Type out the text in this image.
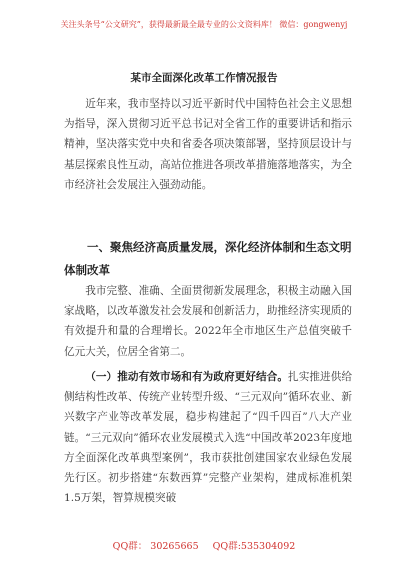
关注头条号“公文研究”，获得最新最全最专业的公文资料库！ 微信：gongwenyj
某市全面深化改革工作情况报告

近年来，我市坚持以习近平新时代中国特色社会主义思想为指导，深入贯彻习近平总书记对全省工作的重要讲话和指示精神，坚决落实党中央和省委各项决策部署，坚持顶层设计与基层探索良性互动，高站位推进各项改革措施落地落实，为全市经济社会发展注入强劲动能。

一、聚焦经济高质量发展，深化经济体制和生态文明体制改革

我市完整、准确、全面贯彻新发展理念，积极主动融入国家战略，以改革激发社会发展和创新活力，助推经济实现质的有效提升和量的合理增长。2022年全市地区生产总值突破千亿元大关，位居全省第二。

（一）推动有效市场和有为政府更好结合。扎实推进供给侧结构性改革、传统产业转型升级、“三元双向”循环农业、新兴数字产业等改革发展，稳步构建起了“四千四百”八大产业链。“三元双向”循环农业发展模式入选“中国改革2023年度地方全面深化改革典型案例”，我市获批创建国家农业绿色发展先行区。初步搭建“东数西算”完整产业架构，建成标准机架1.5万架，智算规模突破

QQ群： 30265665 QQ群:535304092
